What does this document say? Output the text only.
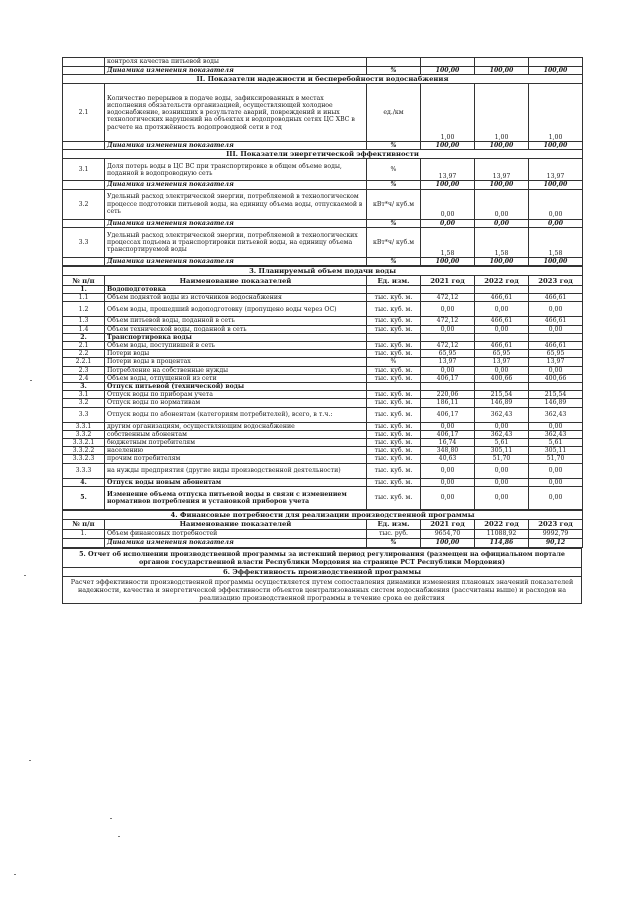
	контроля качества питьевой воды				
	Динамика изменения показателя	%	100,00	100,00	100,00
II. Показатели надежности и бесперебойности водоснабжения					
2.1	Количество перерывов в подаче воды, зафиксированных в местах исполнения обязательств организацией, осуществляющей холодное водоснабжение, возникших в результате аварий, повреждений и иных технологических нарушений на объектах и водопроводных сетях ЦС ХВС в расчете на протяжённость водопроводной сети в год	ед./км	1,00	1,00	1,00
	Динамика изменения показателя	%	100,00	100,00	100,00
III. Показатели энергетической эффективности					
3.1	Доля потерь воды в ЦС ВС при транспортировке в общем объеме воды, поданной в водопроводную сеть	%	13,97	13,97	13,97
	Динамика изменения показателя	%	100,00	100,00	100,00
3.2	Удельный расход электрической энергии, потребляемой в технологическом процессе подготовки питьевой воды, на единицу объема воды, отпускаемой в сеть	кВт*ч/ куб.м	0,00	0,00	0,00
	Динамика изменения показателя	%	0,00	0,00	0,00
3.3	Удельный расход электрической энергии, потребляемой в технологических процессах подъема и транспортировки питьевой воды, на единицу объема транспортируемой воды	кВт*ч/ куб.м	1,58	1,58	1,58
	Динамика изменения показателя	%	100,00	100,00	100,00
3. Планируемый объем подачи воды					
№ п/п	Наименование показателей	Ед. изм.	2021 год	2022 год	2023 год
1.	Водоподготовка				
1.1	Объем поднятой воды из источников водоснабжения	тыс. куб. м.	472,12	466,61	466,61
1.2	Объем воды, прошедший водоподготовку (пропущено воды через ОС)	тыс. куб. м.	0,00	0,00	0,00
1.3	Объем питьевой воды, поданной в сеть	тыс. куб. м.	472,12	466,61	466,61
1.4	Объем технической воды, поданной в сеть	тыс. куб. м.	0,00	0,00	0,00
2.	Транспортировка воды				
2.1	Объем воды, поступившей в сеть	тыс. куб. м.	472,12	466,61	466,61
2.2	Потери воды	тыс. куб. м.	65,95	65,95	65,95
2.2.1	Потери воды в процентах	%	13,97	13,97	13,97
2.3	Потребление на собственные нужды	тыс. куб. м.	0,00	0,00	0,00
2.4	Объем воды, отпущенной из сети	тыс. куб. м.	406,17	400,66	400,66
3.	Отпуск питьевой (технической) воды				
3.1	Отпуск воды по приборам учета	тыс. куб. м.	220,06	215,54	215,54
3.2	Отпуск воды по нормативам	тыс. куб. м.	186,11	146,89	146,89
3.3	Отпуск воды по абонентам (категориям потребителей), всего, в т.ч.:	тыс. куб. м.	406,17	362,43	362,43
3.3.1	другим организациям, осуществляющим водоснабжение	тыс. куб. м.	0,00	0,00	0,00
3.3.2	собственным абонентам	тыс. куб. м.	406,17	362,43	362,43
3.3.2.1	бюджетным потребителям	тыс. куб. м.	16,74	5,61	5,61
3.3.2.2	населению	тыс. куб. м.	348,80	305,11	305,11
3.3.2.3	прочим потребителям	тыс. куб. м.	40,63	51,70	51,70
3.3.3	на нужды предприятия (другие виды производственной деятельности)	тыс. куб. м.	0,00	0,00	0,00
4.	Отпуск воды новым абонентам	тыс. куб. м.	0,00	0,00	0,00
5.	Изменение объема отпуска питьевой воды в связи с изменением нормативов потребления и установкой приборов учета	тыс. куб. м.	0,00	0,00	0,00
4. Финансовые потребности для реализации производственной программы					
№ п/п	Наименование показателей	Ед. изм.	2021 год	2022 год	2023 год
1.	Объем финансовых потребностей	тыс. руб.	9654,70	11088,92	9992,79
	Динамика изменения показателя	%	100,00	114,86	90,12
5. Отчет об исполнении производственной программы за истекший период регулирования (размещен на официальном портале органов государственной власти Республики Мордовия на странице РСТ Республики Мордовия)
6. Эффективность производственной программы
Расчет эффективности производственной программы осуществляется путем сопоставления динамики изменения плановых значений показателей надежности, качества и энергетической эффективности объектов централизованных систем водоснабжения (рассчитаны выше) и расходов на реализацию производственной программы в течение срока ее действия
